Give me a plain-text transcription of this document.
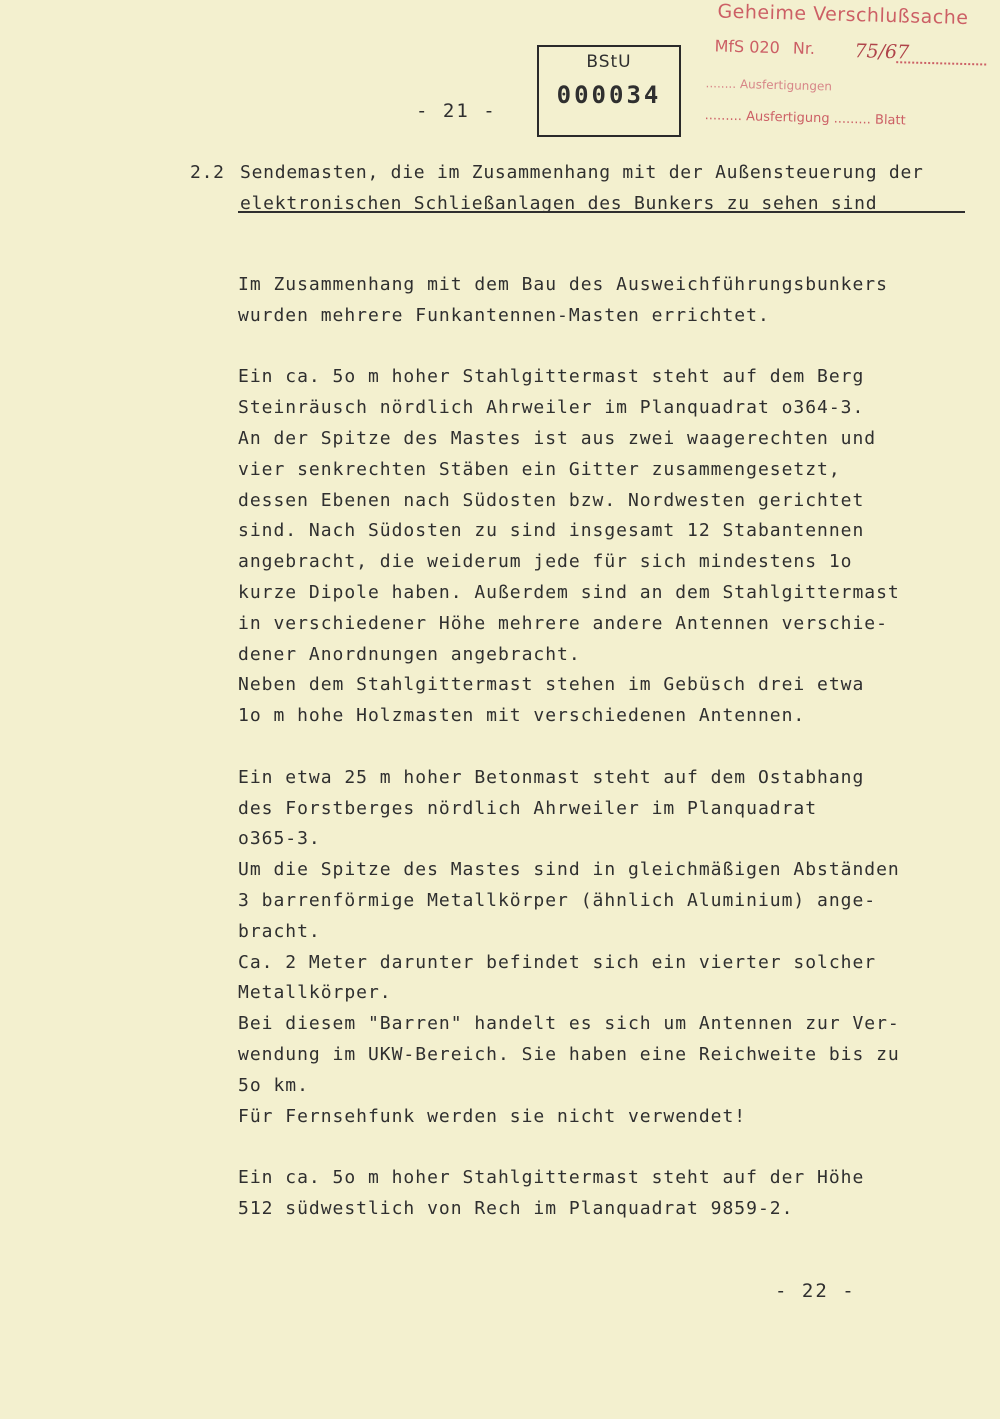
- 21 -
BStU
000034
Geheime Verschlußsache
MfS 020 Nr. 75/67
........ Ausfertigungen
......... Ausfertigung ......... Blatt
2.2 Sendemasten, die im Zusammenhang mit der Außensteuerung der
elektronischen Schließanlagen des Bunkers zu sehen sind
Im Zusammenhang mit dem Bau des Ausweichführungsbunkers
wurden mehrere Funkantennen-Masten errichtet.
Ein ca. 5o m hoher Stahlgittermast steht auf dem Berg
Steinräusch nördlich Ahrweiler im Planquadrat o364-3.
An der Spitze des Mastes ist aus zwei waagerechten und
vier senkrechten Stäben ein Gitter zusammengesetzt,
dessen Ebenen nach Südosten bzw. Nordwesten gerichtet
sind. Nach Südosten zu sind insgesamt 12 Stabantennen
angebracht, die weiderum jede für sich mindestens 1o
kurze Dipole haben. Außerdem sind an dem Stahlgittermast
in verschiedener Höhe mehrere andere Antennen verschie-
dener Anordnungen angebracht.
Neben dem Stahlgittermast stehen im Gebüsch drei etwa
1o m hohe Holzmasten mit verschiedenen Antennen.
Ein etwa 25 m hoher Betonmast steht auf dem Ostabhang
des Forstberges nördlich Ahrweiler im Planquadrat
o365-3.
Um die Spitze des Mastes sind in gleichmäßigen Abständen
3 barrenförmige Metallkörper (ähnlich Aluminium) ange-
bracht.
Ca. 2 Meter darunter befindet sich ein vierter solcher
Metallkörper.
Bei diesem "Barren" handelt es sich um Antennen zur Ver-
wendung im UKW-Bereich. Sie haben eine Reichweite bis zu
5o km.
Für Fernsehfunk werden sie nicht verwendet!
Ein ca. 5o m hoher Stahlgittermast steht auf der Höhe
512 südwestlich von Rech im Planquadrat 9859-2.
- 22 -
